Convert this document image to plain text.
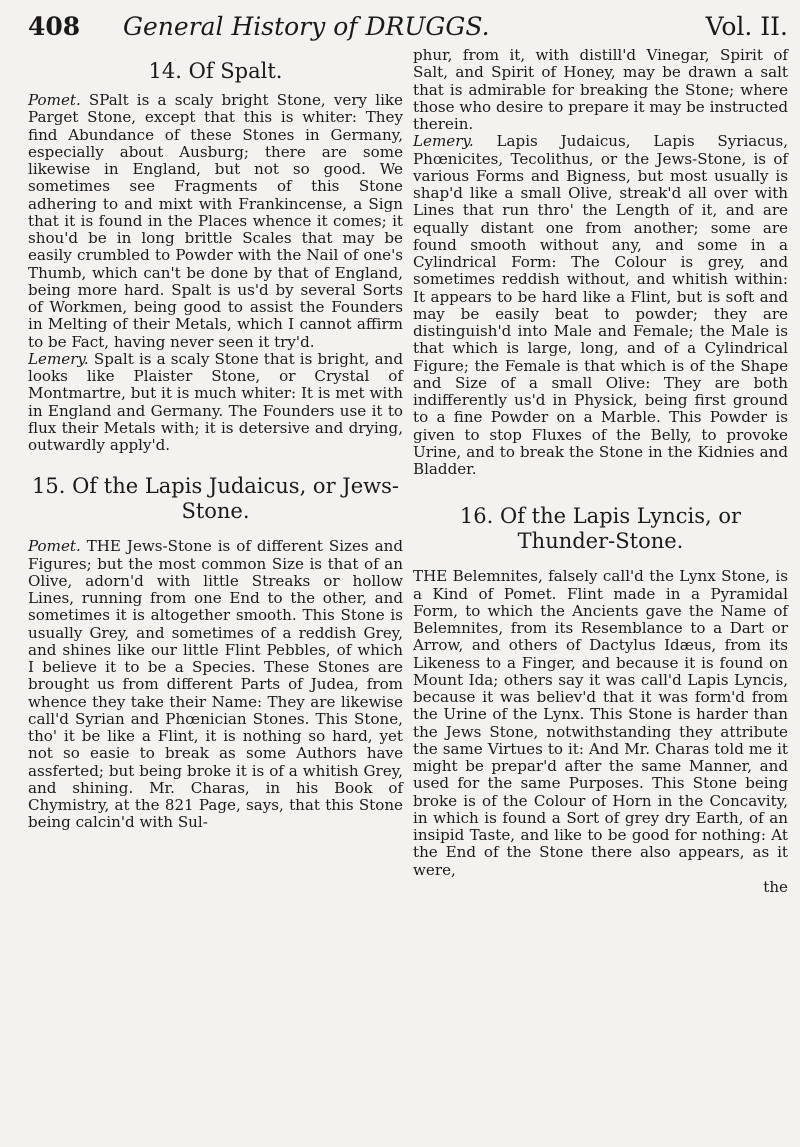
408 General History of DRUGGS.	Vol. II.

14. Of Spalt.

Pomet. SPalt is a scaly bright Stone, very like Parget Stone, except that this is whiter: They find Abundance of these Stones in Germany, especially about Ausburg; there are some likewise in England, but not so good. We sometimes see Fragments of this Stone adhering to and mixt with Frankincense, a Sign that it is found in the Places whence it comes; it shou'd be in long brittle Scales that may be easily crumbled to Powder with the Nail of one's Thumb, which can't be done by that of England, being more hard. Spalt is us'd by several Sorts of Workmen, being good to assist the Founders in Melting of their Metals, which I cannot affirm to be Fact, having never seen it try'd.

Lemery. Spalt is a scaly Stone that is bright, and looks like Plaister Stone, or Crystal of Montmartre, but it is much whiter: It is met with in England and Germany. The Founders use it to flux their Metals with; it is detersive and drying, outwardly apply'd.

15. Of the Lapis Judaicus, or Jews-Stone.

Pomet. THE Jews-Stone is of different Sizes and Figures; but the most common Size is that of an Olive, adorn'd with little Streaks or hollow Lines, running from one End to the other, and sometimes it is altogether smooth. This Stone is usually Grey, and sometimes of a reddish Grey, and shines like our little Flint Pebbles, of which I believe it to be a Species. These Stones are brought us from different Parts of Judea, from whence they take their Name: They are likewise call'd Syrian and Phœnician Stones. This Stone, tho' it be like a Flint, it is nothing so hard, yet not so easie to break as some Authors have assferted; but being broke it is of a whitish Grey, and shining. Mr. Charas, in his Book of Chymistry, at the 821 Page, says, that this Stone being calcin'd with Sul-

phur, from it, with distill'd Vinegar, Spirit of Salt, and Spirit of Honey, may be drawn a salt that is admirable for breaking the Stone; where those who desire to prepare it may be instructed therein.

Lemery. Lapis Judaicus, Lapis Syriacus, Phœnicites, Tecolithus, or the Jews-Stone, is of various Forms and Bigness, but most usually is shap'd like a small Olive, streak'd all over with Lines that run thro' the Length of it, and are equally distant one from another; some are found smooth without any, and some in a Cylindrical Form: The Colour is grey, and sometimes reddish without, and whitish within: It appears to be hard like a Flint, but is soft and may be easily beat to powder; they are distinguish'd into Male and Female; the Male is that which is large, long, and of a Cylindrical Figure; the Female is that which is of the Shape and Size of a small Olive: They are both indifferently us'd in Physick, being first ground to a fine Powder on a Marble. This Powder is given to stop Fluxes of the Belly, to provoke Urine, and to break the Stone in the Kidnies and Bladder.

16. Of the Lapis Lyncis, or Thunder-Stone.

THE Belemnites, falsely call'd the Lynx Stone, is a Kind of Pomet. Flint made in a Pyramidal Form, to which the Ancients gave the Name of Belemnites, from its Resemblance to a Dart or Arrow, and others of Dactylus Idæus, from its Likeness to a Finger, and because it is found on Mount Ida; others say it was call'd Lapis Lyncis, because it was believ'd that it was form'd from the Urine of the Lynx. This Stone is harder than the Jews Stone, notwithstanding they attribute the same Virtues to it: And Mr. Charas told me it might be prepar'd after the same Manner, and used for the same Purposes. This Stone being broke is of the Colour of Horn in the Concavity, in which is found a Sort of grey dry Earth, of an insipid Taste, and like to be good for nothing: At the End of the Stone there also appears, as it were,

the
